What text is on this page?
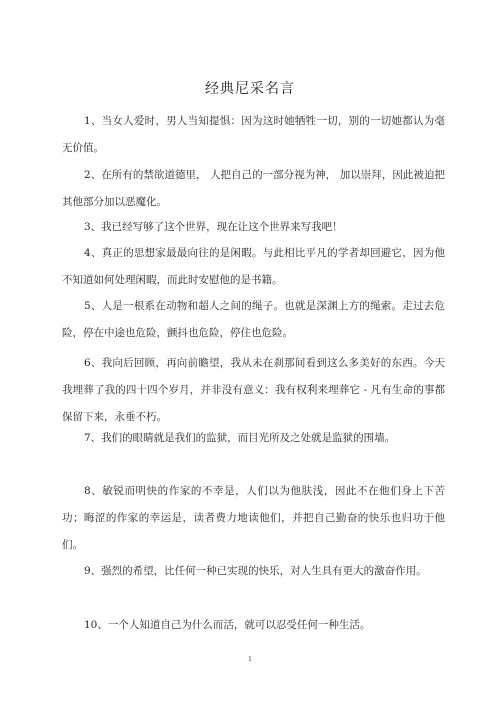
经典尼采名言

1、当女人爱时，男人当知提惧：因为这时她牺牲一切，别的一切她都认为毫无价值。

2、在所有的禁欲道德里， 人把自己的一部分视为神， 加以崇拜，因此被迫把其他部分加以恶魔化。

3、我已经写够了这个世界，现在让这个世界来写我吧！

4、真正的思想家最最向往的是闲暇。与此相比平凡的学者却回避它，因为他不知道如何处理闲暇，而此时安慰他的是书籍。

5、人是一根系在动物和超人之间的绳子。也就是深渊上方的绳索。走过去危险，停在中途也危险，颤抖也危险，停住也危险。

6、我向后回顾，再向前瞻望，我从未在刹那间看到这么多美好的东西。今天我埋葬了我的四十四个岁月，并非没有意义：我有权利来埋葬它 - 凡有生命的事都保留下来，永垂不朽。

7、我们的眼睛就是我们的监狱，而目光所及之处就是监狱的围墙。

8、敏锐而明快的作家的不幸是，人们以为他肤浅，因此不在他们身上下苦功；晦涩的作家的幸运是，读者费力地读他们，并把自己勤奋的快乐也归功于他们。

9、强烈的希望，比任何一种已实现的快乐，对人生具有更大的激奋作用。

10、一个人知道自己为什么而活，就可以忍受任何一种生活。

1
